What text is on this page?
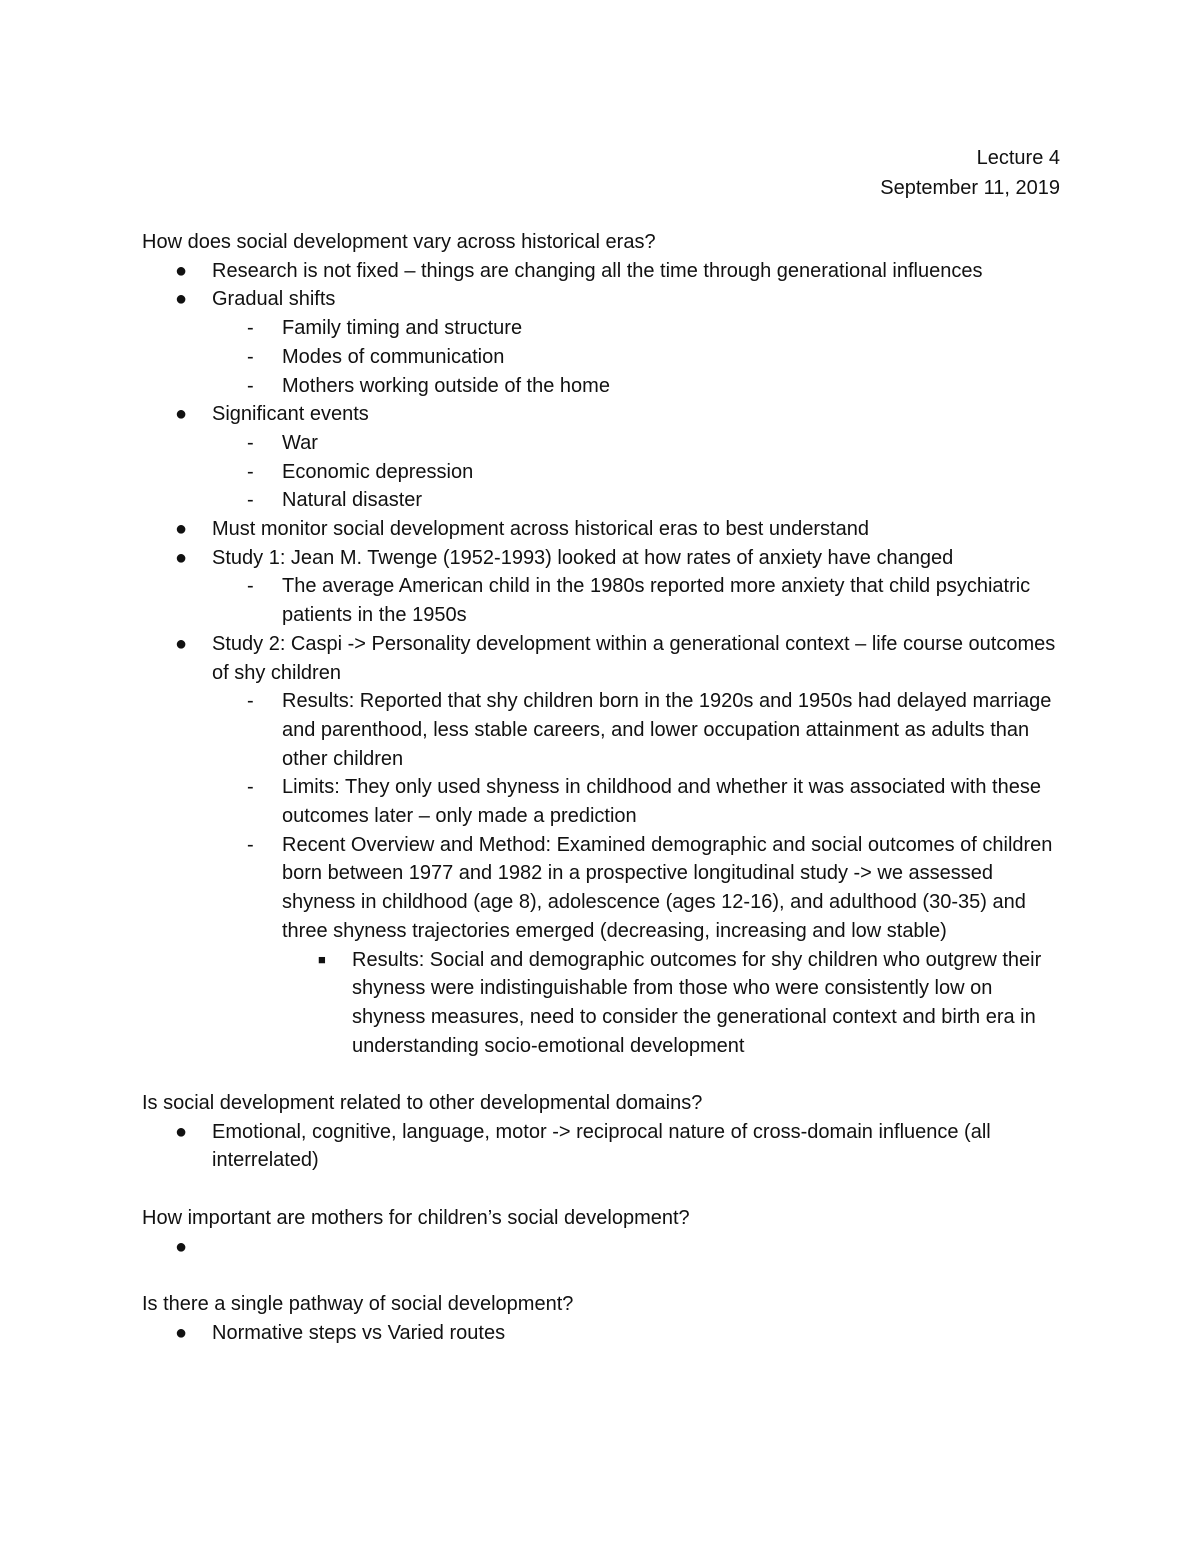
Lecture 4
September 11, 2019

How does social development vary across historical eras?

● Research is not fixed – things are changing all the time through generational influences
● Gradual shifts
- Family timing and structure
- Modes of communication
- Mothers working outside of the home
● Significant events
- War
- Economic depression
- Natural disaster
● Must monitor social development across historical eras to best understand
● Study 1: Jean M. Twenge (1952-1993) looked at how rates of anxiety have changed
- The average American child in the 1980s reported more anxiety that child psychiatric patients in the 1950s
● Study 2: Caspi -> Personality development within a generational context – life course outcomes of shy children
- Results: Reported that shy children born in the 1920s and 1950s had delayed marriage and parenthood, less stable careers, and lower occupation attainment as adults than other children
- Limits: They only used shyness in childhood and whether it was associated with these outcomes later – only made a prediction
- Recent Overview and Method: Examined demographic and social outcomes of children born between 1977 and 1982 in a prospective longitudinal study -> we assessed shyness in childhood (age 8), adolescence (ages 12-16), and adulthood (30-35) and three shyness trajectories emerged (decreasing, increasing and low stable)
■ Results: Social and demographic outcomes for shy children who outgrew their shyness were indistinguishable from those who were consistently low on shyness measures, need to consider the generational context and birth era in understanding socio-emotional development

Is social development related to other developmental domains?

● Emotional, cognitive, language, motor -> reciprocal nature of cross-domain influence (all interrelated)

How important are mothers for children’s social development?

●

Is there a single pathway of social development?

● Normative steps vs Varied routes
